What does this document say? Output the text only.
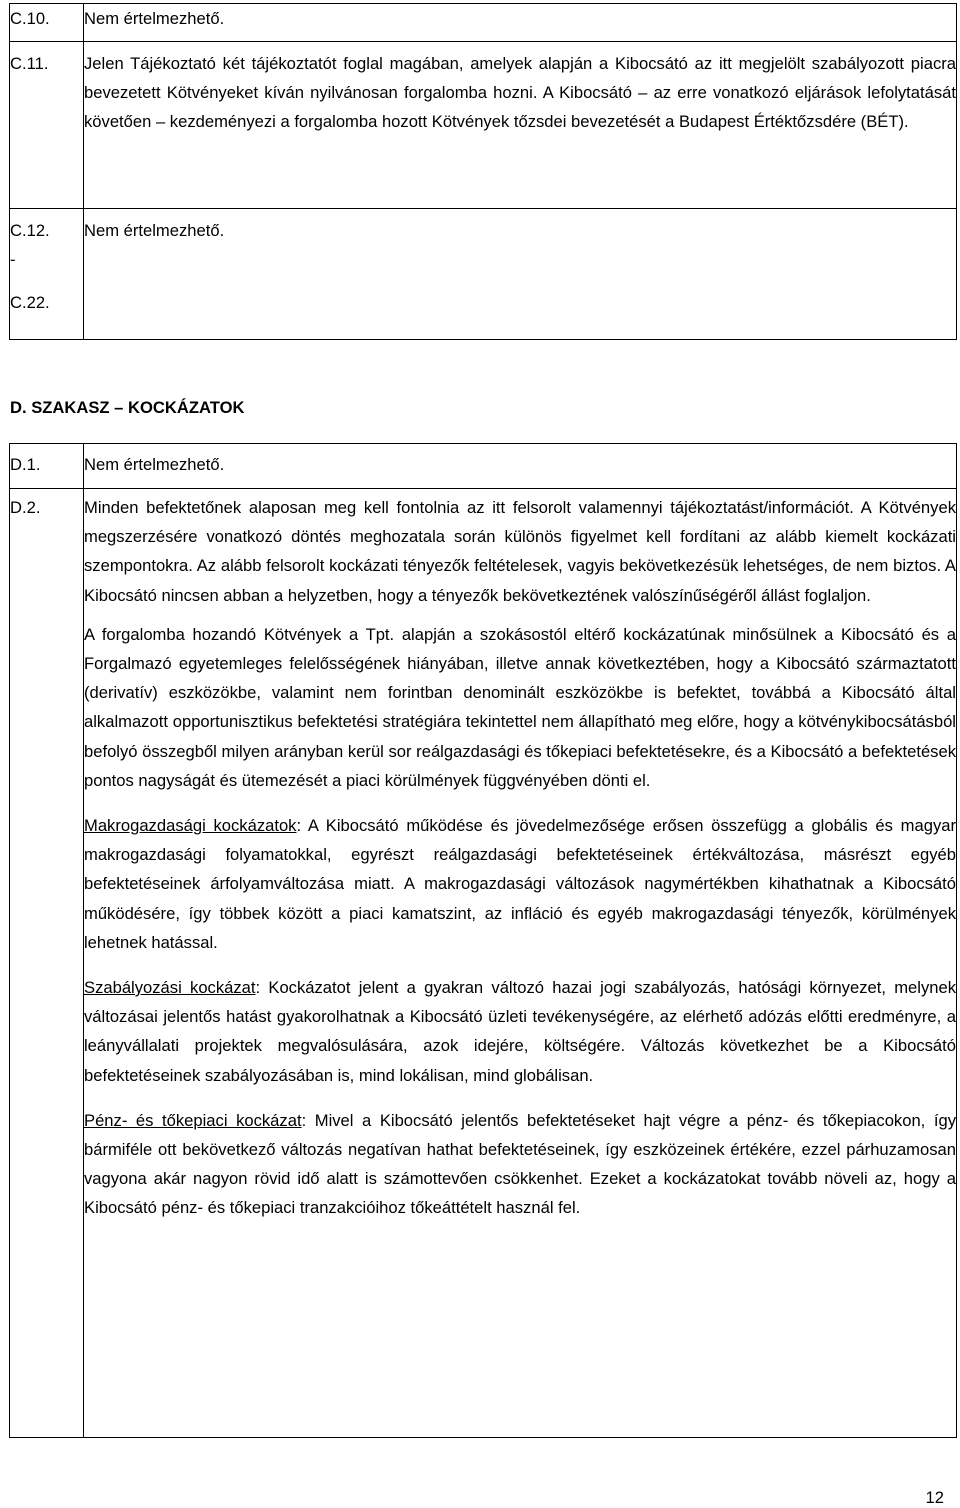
C.10.	Nem értelmezhető.

C.11.	Jelen Tájékoztató két tájékoztatót foglal magában, amelyek alapján a Kibocsátó az itt megjelölt szabályozott piacra bevezetett Kötvényeket kíván nyilvánosan forgalomba hozni. A Kibocsátó – az erre vonatkozó eljárások lefolytatását követően – kezdeményezi a forgalomba hozott Kötvények tőzsdei bevezetését a Budapest Értéktőzsdére (BÉT).

C.12.
-
C.22.	Nem értelmezhető.
D. SZAKASZ – KOCKÁZATOK
D.1.	Nem értelmezhető.

D.2.	Minden befektetőnek alaposan meg kell fontolnia az itt felsorolt valamennyi tájékoztatást/információt. A Kötvények megszerzésére vonatkozó döntés meghozatala során különös figyelmet kell fordítani az alább kiemelt kockázati szempontokra. Az alább felsorolt kockázati tényezők feltételesek, vagyis bekövetkezésük lehetséges, de nem biztos. A Kibocsátó nincsen abban a helyzetben, hogy a tényezők bekövetkeztének valószínűségéről állást foglaljon.

A forgalomba hozandó Kötvények a Tpt. alapján a szokásostól eltérő kockázatúnak minősülnek a Kibocsátó és a Forgalmazó egyetemleges felelősségének hiányában, illetve annak következtében, hogy a Kibocsátó származtatott (derivatív) eszközökbe, valamint nem forintban denominált eszközökbe is befektet, továbbá a Kibocsátó által alkalmazott opportunisztikus befektetési stratégiára tekintettel nem állapítható meg előre, hogy a kötvénykibocsátásból befolyó összegből milyen arányban kerül sor reálgazdasági és tőkepiaci befektetésekre, és a Kibocsátó a befektetések pontos nagyságát és ütemezését a piaci körülmények függvényében dönti el.

Makrogazdasági kockázatok: A Kibocsátó működése és jövedelmezősége erősen összefügg a globális és magyar makrogazdasági folyamatokkal, egyrészt reálgazdasági befektetéseinek értékváltozása, másrészt egyéb befektetéseinek árfolyamváltozása miatt. A makrogazdasági változások nagymértékben kihathatnak a Kibocsátó működésére, így többek között a piaci kamatszint, az infláció és egyéb makrogazdasági tényezők, körülmények lehetnek hatással.

Szabályozási kockázat: Kockázatot jelent a gyakran változó hazai jogi szabályozás, hatósági környezet, melynek változásai jelentős hatást gyakorolhatnak a Kibocsátó üzleti tevékenységére, az elérhető adózás előtti eredményre, a leányvállalati projektek megvalósulására, azok idejére, költségére. Változás következhet be a Kibocsátó befektetéseinek szabályozásában is, mind lokálisan, mind globálisan.

Pénz- és tőkepiaci kockázat: Mivel a Kibocsátó jelentős befektetéseket hajt végre a pénz- és tőkepiacokon, így bármiféle ott bekövetkező változás negatívan hathat befektetéseinek, így eszközeinek értékére, ezzel párhuzamosan vagyona akár nagyon rövid idő alatt is számottevően csökkenhet. Ezeket a kockázatokat tovább növeli az, hogy a Kibocsátó pénz- és tőkepiaci tranzakcióihoz tőkeáttételt használ fel.

12
